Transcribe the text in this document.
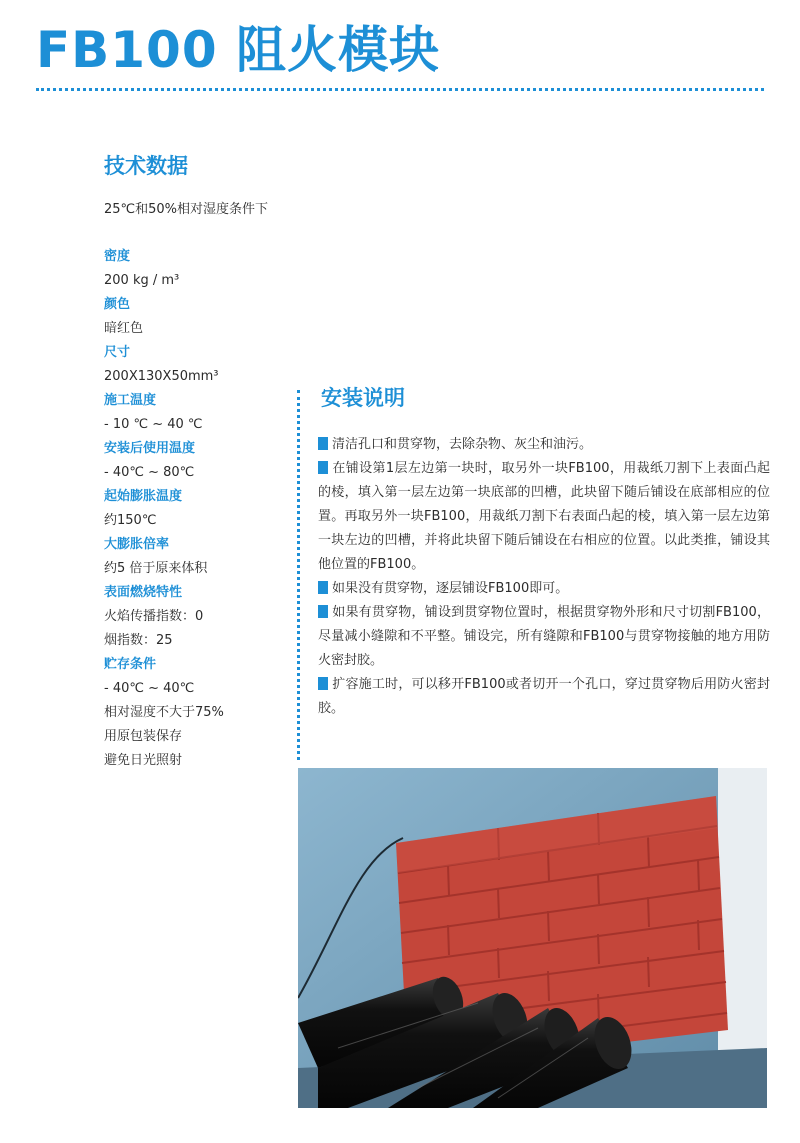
FB100 阻火模块
技术数据
25℃和50%相对湿度条件下
密度
200 kg / m³
颜色
暗红色
尺寸
200X130X50mm³
施工温度
- 10 ℃ ~ 40 ℃
安装后使用温度
- 40℃ ~ 80℃
起始膨胀温度
约150℃
大膨胀倍率
约5 倍于原来体积
表面燃烧特性
火焰传播指数：0
烟指数：25
贮存条件
- 40℃ ~ 40℃
相对湿度不大于75%
用原包装保存
避免日光照射
安装说明

清洁孔口和贯穿物，去除杂物、灰尘和油污。

在铺设第1层左边第一块时，取另外一块FB100，用裁纸刀割下上表面凸起的棱，填入第一层左边第一块底部的凹槽，此块留下随后铺设在底部相应的位置。再取另外一块FB100，用裁纸刀割下右表面凸起的棱，填入第一层左边第一块左边的凹槽，并将此块留下随后铺设在右相应的位置。以此类推，铺设其他位置的FB100。

如果没有贯穿物，逐层铺设FB100即可。

如果有贯穿物，铺设到贯穿物位置时，根据贯穿物外形和尺寸切割FB100，尽量减小缝隙和不平整。铺设完，所有缝隙和FB100与贯穿物接触的地方用防火密封胶。

扩容施工时，可以移开FB100或者切开一个孔口，穿过贯穿物后用防火密封胶。
